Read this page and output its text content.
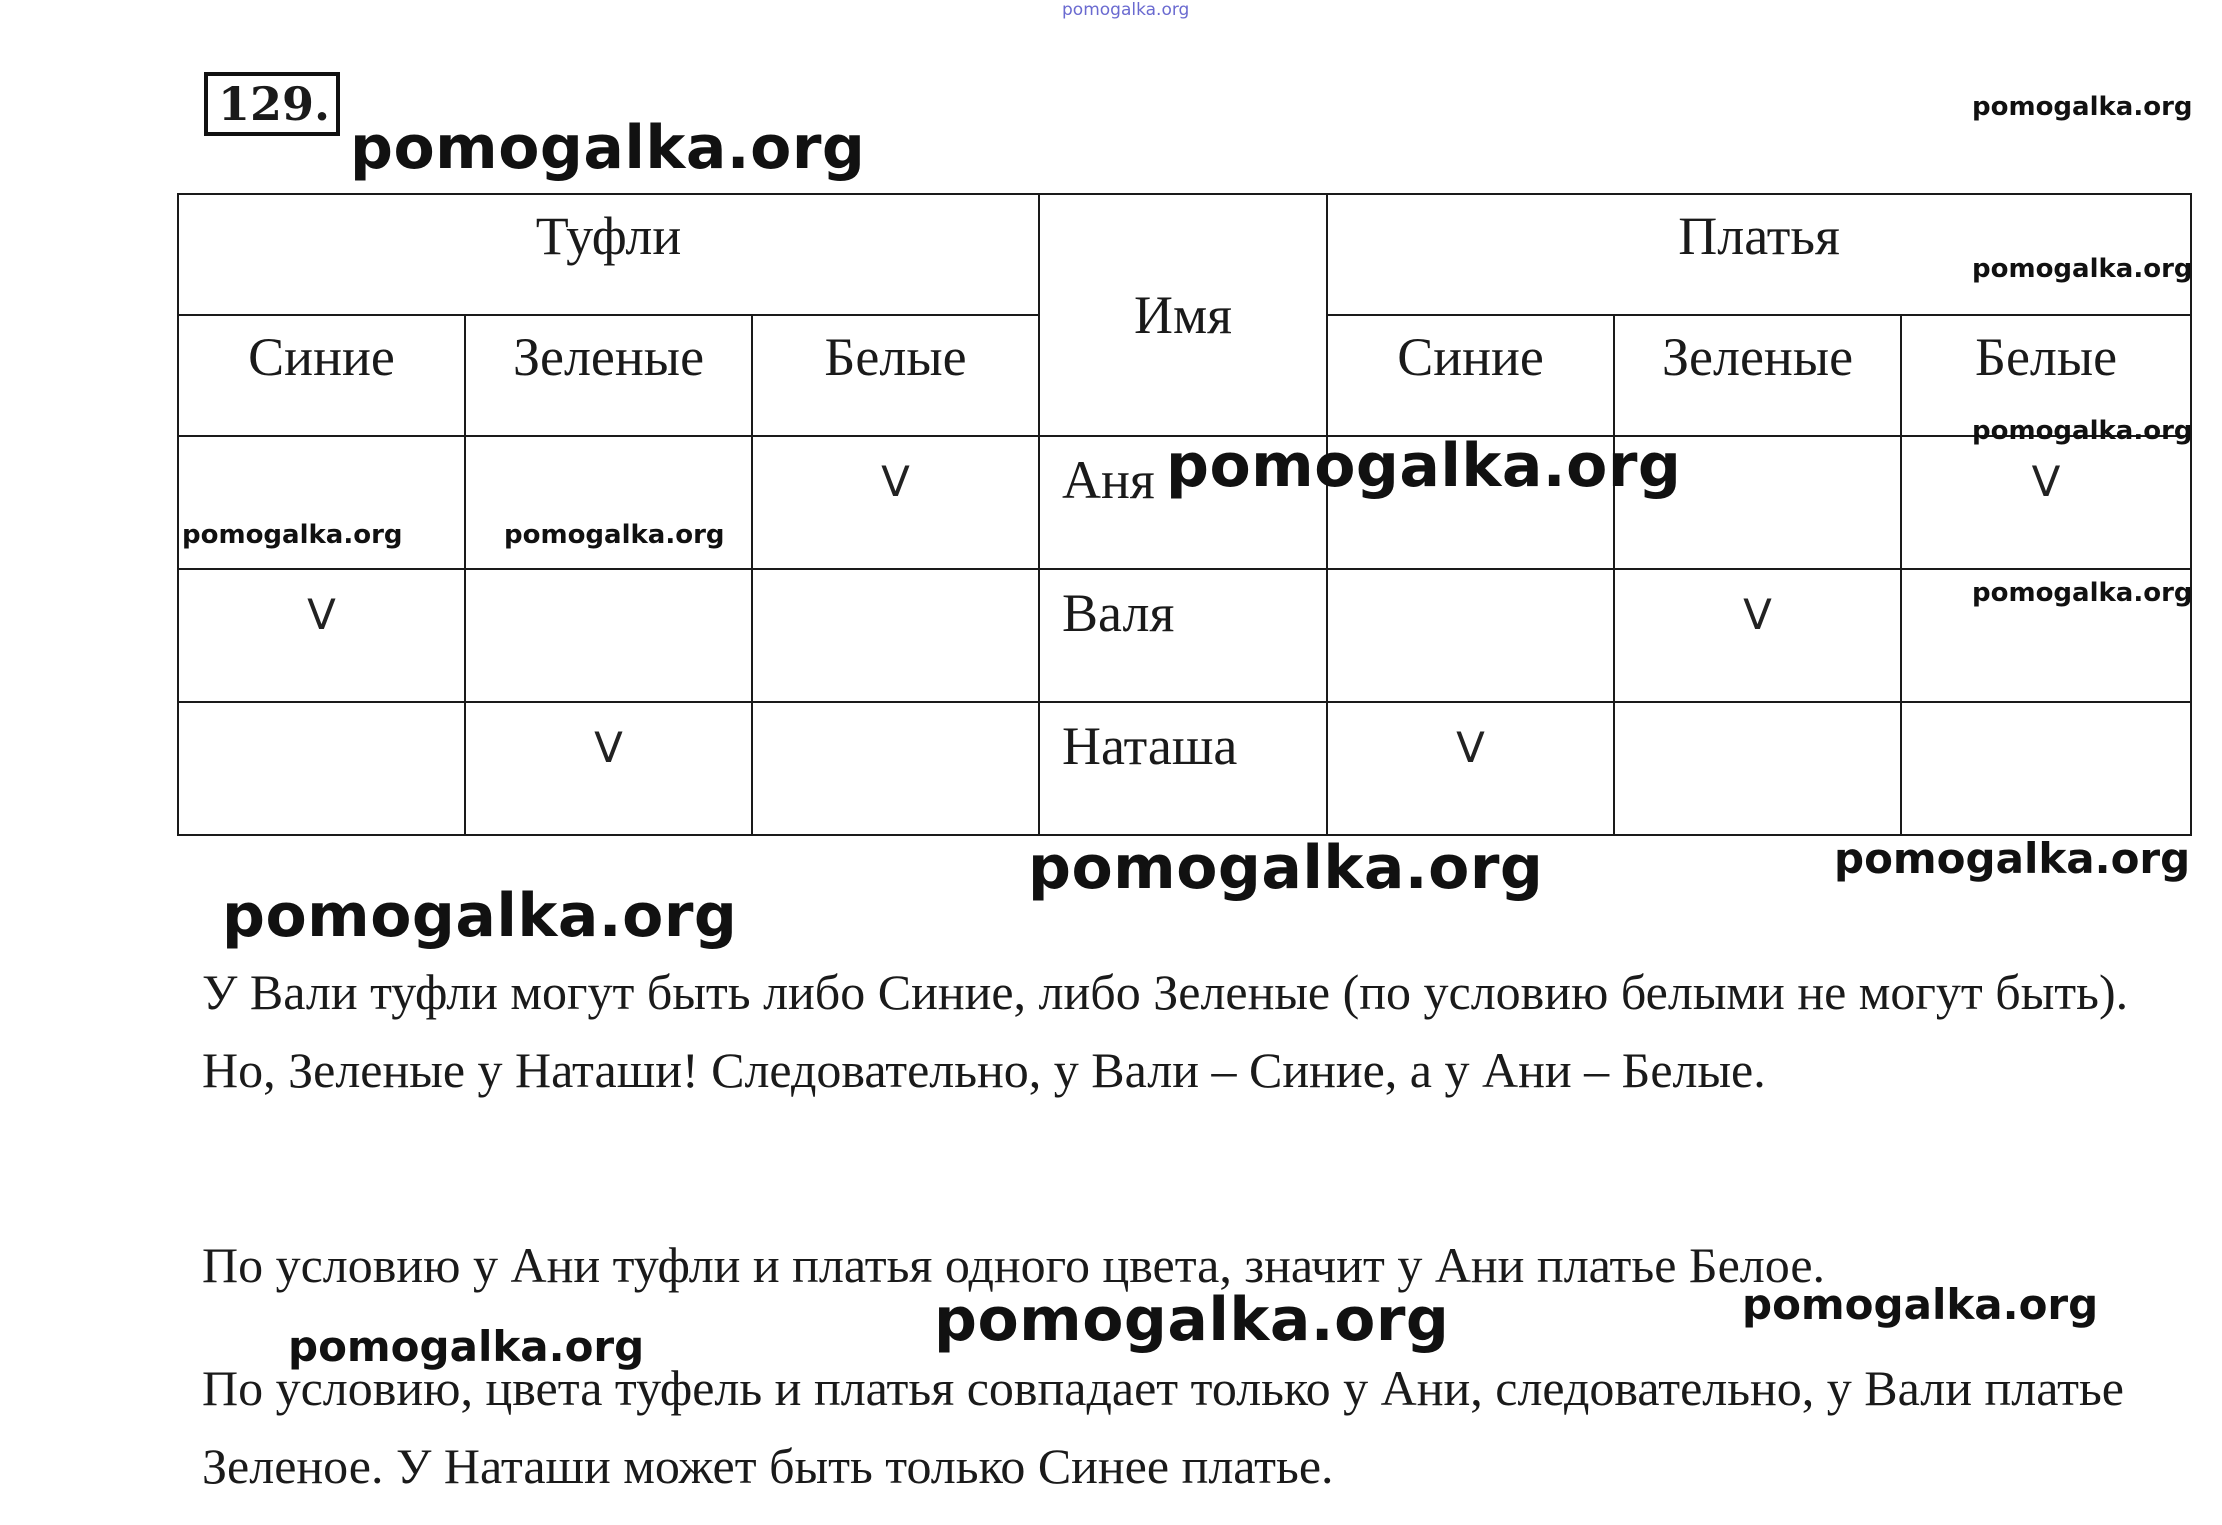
pomogalka.org
129.
pomogalka.org
pomogalka.org
Туфли			Имя	Платья		
Синие	Зеленые	Белые		Синие	Зеленые	Белые
		V	Аня			V
V			Валя		V	
	V		Наташа	V		
pomogalka.org
pomogalka.org
pomogalka.org
pomogalka.org	pomogalka.org
pomogalka.org
pomogalka.org	pomogalka.org
pomogalka.org
У Вали туфли могут быть либо Синие, либо Зеленые (по условию белыми не могут быть). Но, Зеленые у Наташи! Следовательно, у Вали – Синие, а у Ани – Белые.
По условию у Ани туфли и платья одного цвета, значит у Ани платье Белое.
По условию, цвета туфель и платья совпадает только у Ани, следовательно, у Вали платье Зеленое. У Наташи может быть только Синее платье.
pomogalka.org	pomogalka.org
pomogalka.org
